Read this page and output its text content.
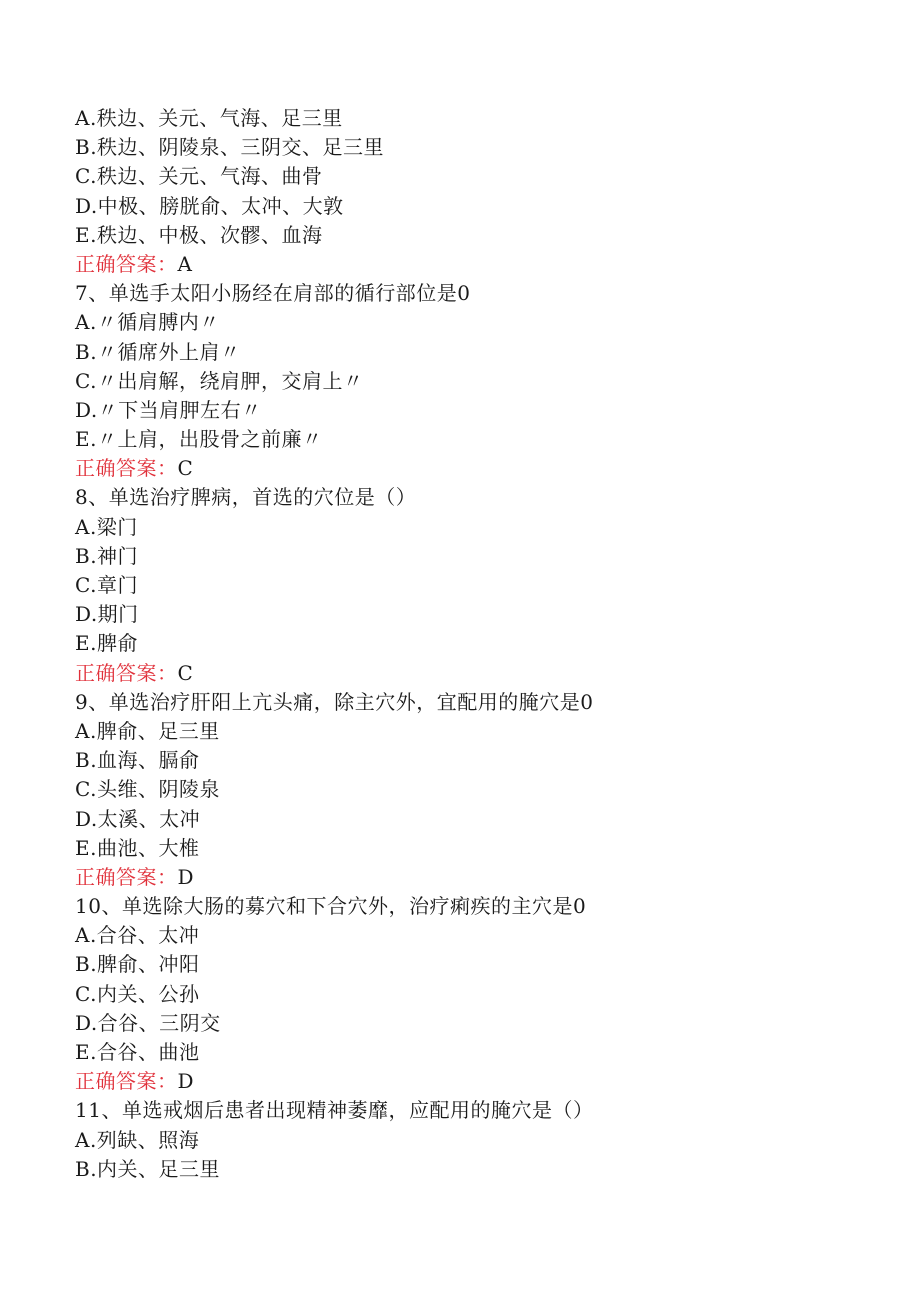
A.秩边、关元、气海、足三里
B.秩边、阴陵泉、三阴交、足三里
C.秩边、关元、气海、曲骨
D.中极、膀胱俞、太冲、大敦
E.秩边、中极、次髎、血海
正确答案：A
7、单选手太阳小肠经在肩部的循行部位是0
A.〃循肩膊内〃
B.〃循席外上肩〃
C.〃出肩解，绕肩胛，交肩上〃
D.〃下当肩胛左右〃
E.〃上肩，出股骨之前廉〃
正确答案：C
8、单选治疗脾病，首选的穴位是（）
A.梁门
B.神门
C.章门
D.期门
E.脾俞
正确答案：C
9、单选治疗肝阳上亢头痛，除主穴外，宜配用的腌穴是0
A.脾俞、足三里
B.血海、膈俞
C.头维、阴陵泉
D.太溪、太冲
E.曲池、大椎
正确答案：D
10、单选除大肠的募穴和下合穴外，治疗痢疾的主穴是0
A.合谷、太冲
B.脾俞、冲阳
C.内关、公孙
D.合谷、三阴交
E.合谷、曲池
正确答案：D
11、单选戒烟后患者出现精神萎靡，应配用的腌穴是（）
A.列缺、照海
B.内关、足三里
